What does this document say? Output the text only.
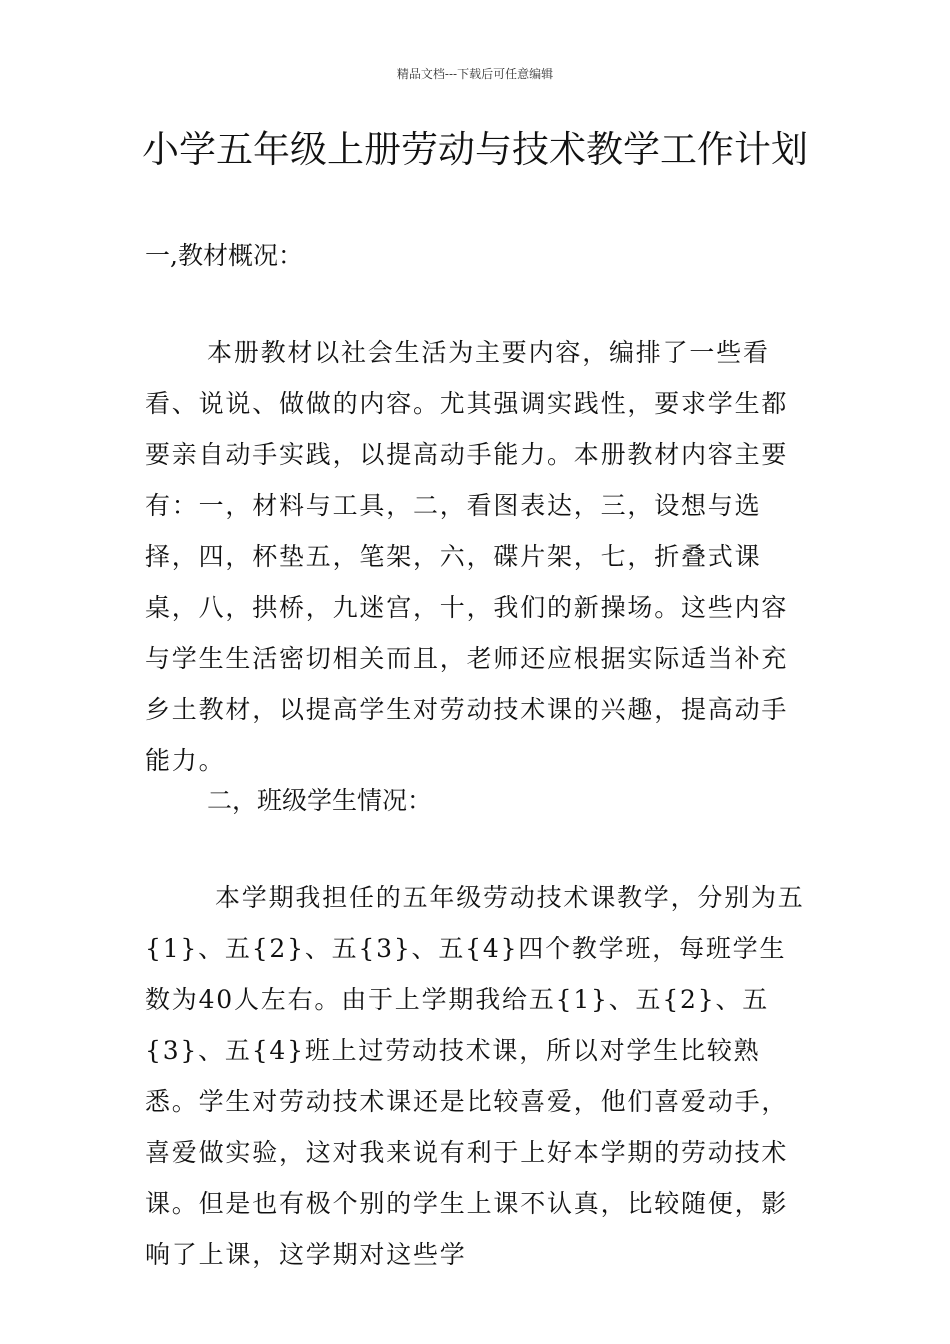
精品文档---下载后可任意编辑
小学五年级上册劳动与技术教学工作计划

一,教材概况：

本册教材以社会生活为主要内容，编排了一些看看、说说、做做的内容。尤其强调实践性，要求学生都要亲自动手实践，以提高动手能力。本册教材内容主要有：一，材料与工具，二，看图表达，三，设想与选择，四，杯垫五，笔架，六，碟片架，七，折叠式课桌，八，拱桥，九迷宫，十，我们的新操场。这些内容与学生生活密切相关而且，老师还应根据实际适当补充乡土教材，以提高学生对劳动技术课的兴趣，提高动手能力。

二，班级学生情况：

本学期我担任的五年级劳动技术课教学，分别为五{1}、五{2}、五{3}、五{4}四个教学班，每班学生数为40人左右。由于上学期我给五{1}、五{2}、五{3}、五{4}班上过劳动技术课，所以对学生比较熟悉。学生对劳动技术课还是比较喜爱，他们喜爱动手，喜爱做实验，这对我来说有利于上好本学期的劳动技术课。但是也有极个别的学生上课不认真，比较随便，影响了上课，这学期对这些学
